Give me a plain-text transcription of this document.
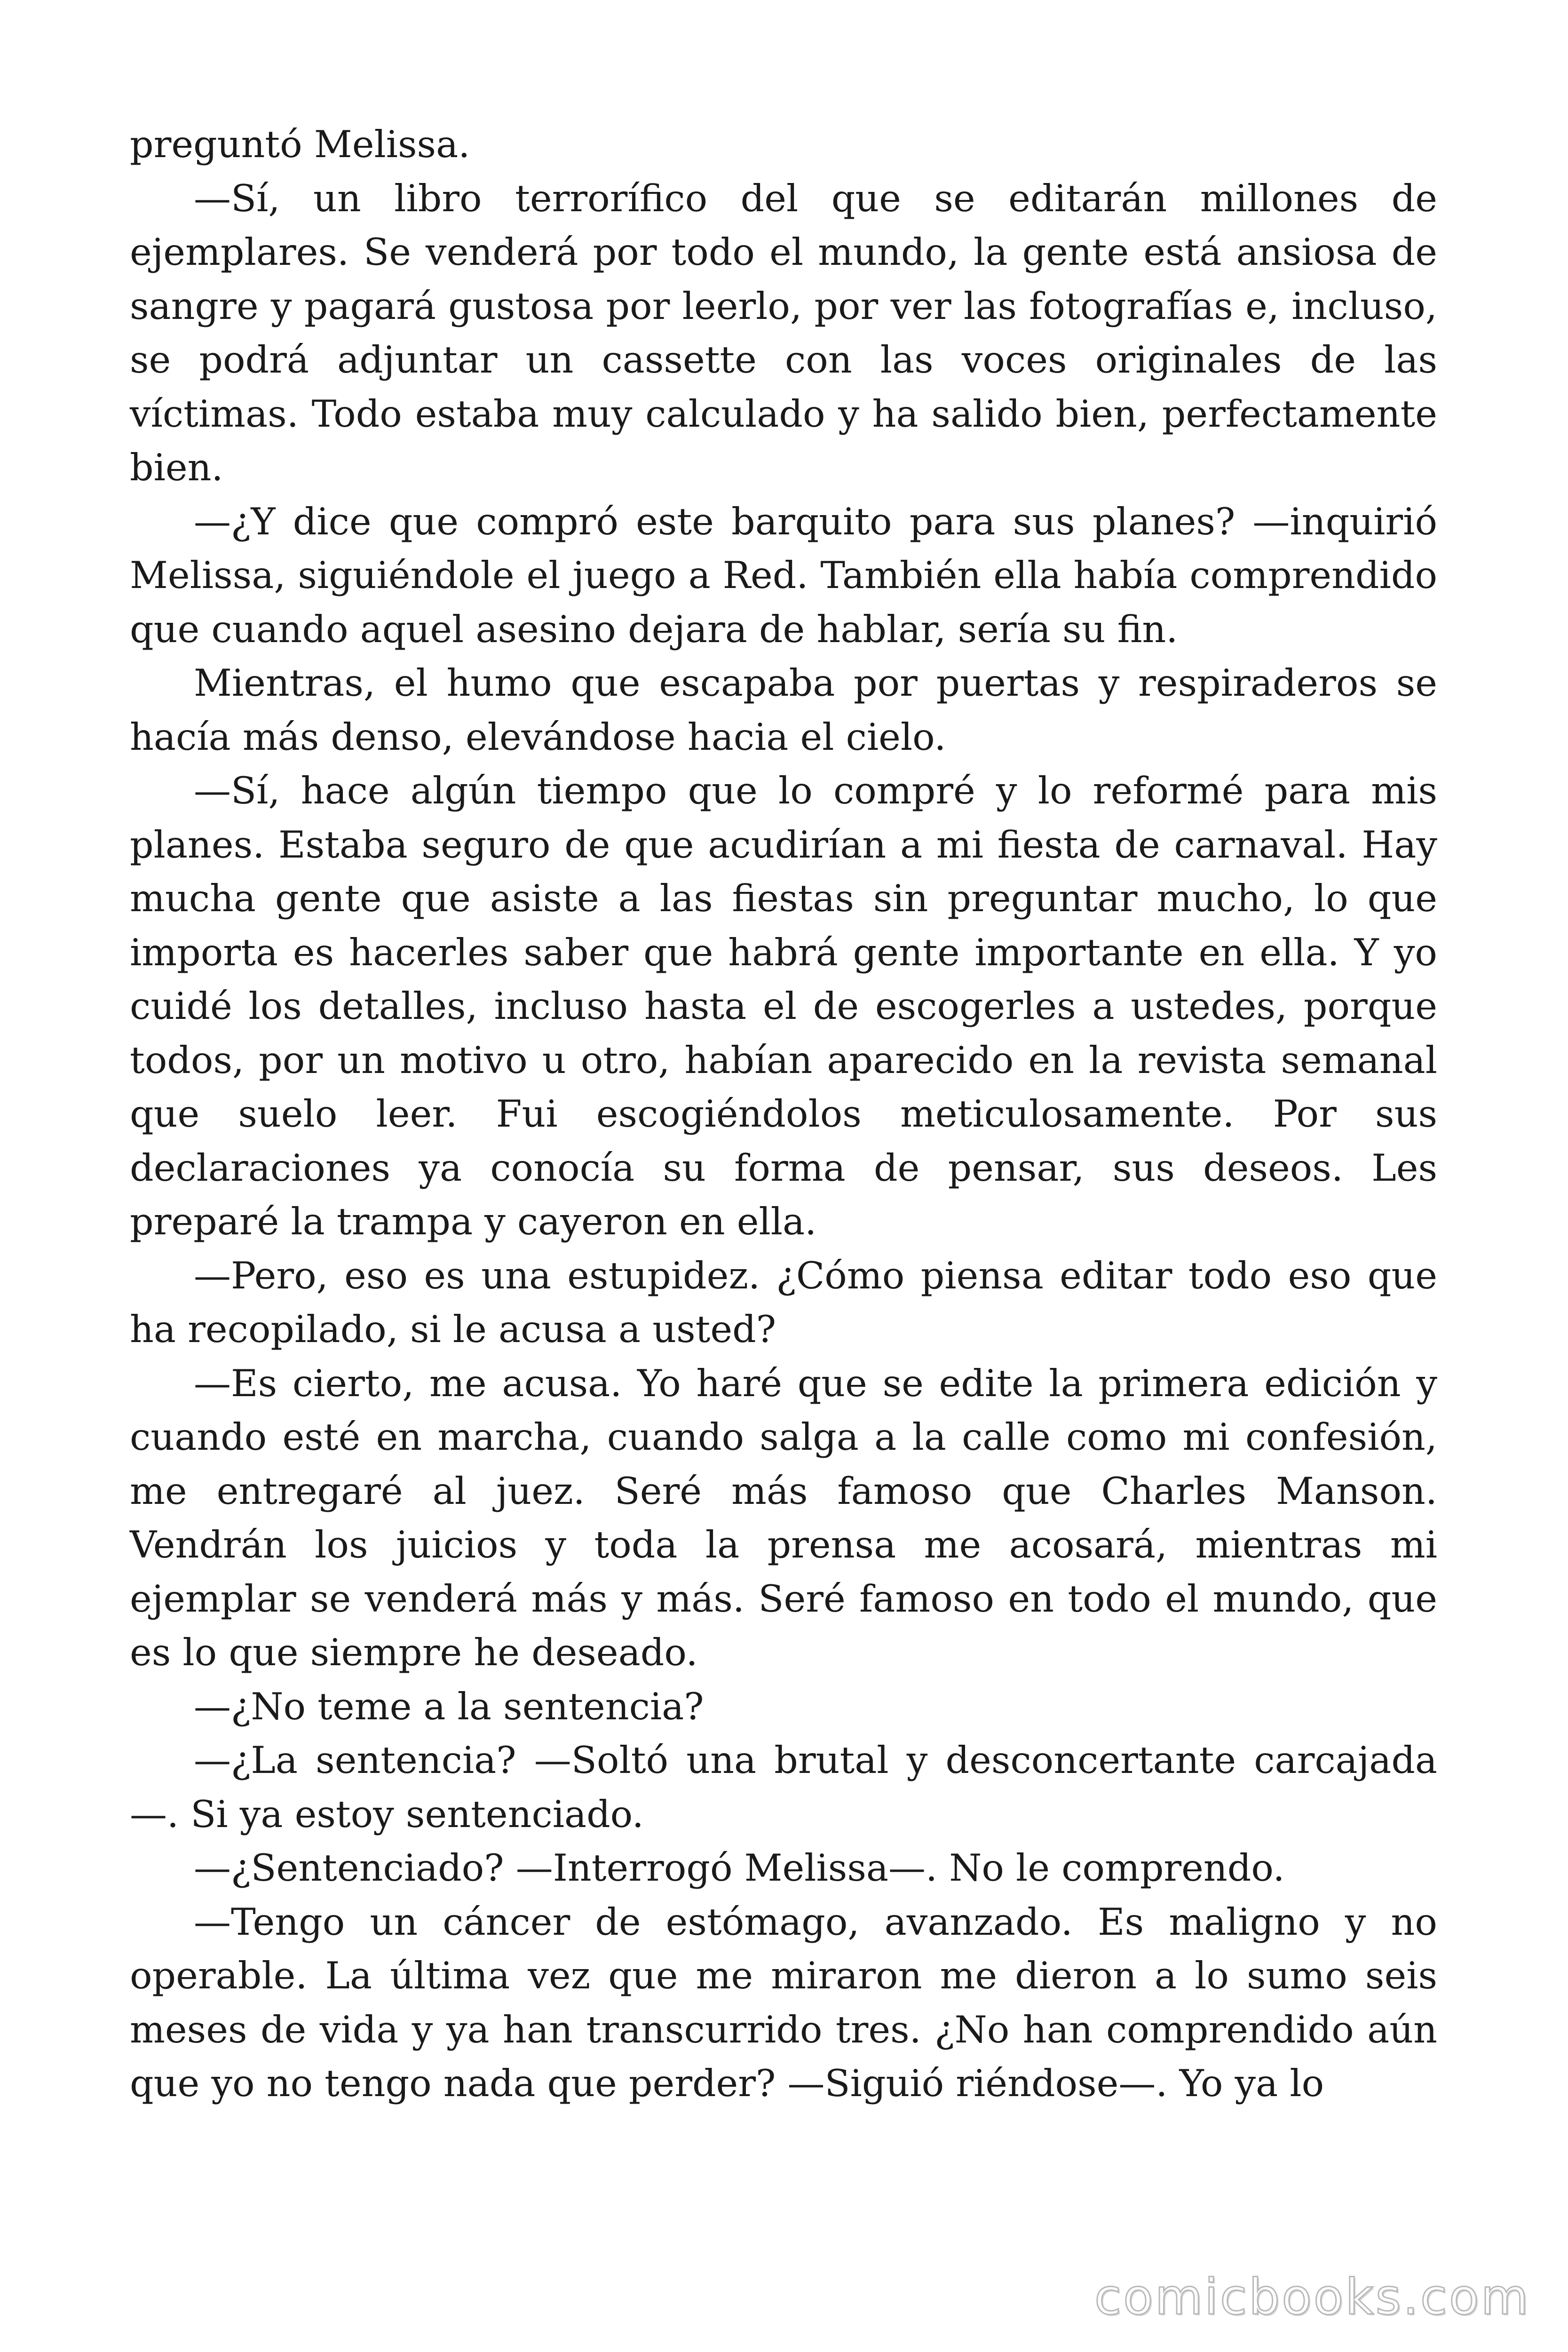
preguntó Melissa.

—Sí, un libro terrorífico del que se editarán millones de ejemplares. Se venderá por todo el mundo, la gente está ansiosa de sangre y pagará gustosa por leerlo, por ver las fotografías e, incluso, se podrá adjuntar un cassette con las voces originales de las víctimas. Todo estaba muy calculado y ha salido bien, perfectamente bien.

—¿Y dice que compró este barquito para sus planes? —inquirió Melissa, siguiéndole el juego a Red. También ella había comprendido que cuando aquel asesino dejara de hablar, sería su fin.

Mientras, el humo que escapaba por puertas y respiraderos se hacía más denso, elevándose hacia el cielo.

—Sí, hace algún tiempo que lo compré y lo reformé para mis planes. Estaba seguro de que acudirían a mi fiesta de carnaval. Hay mucha gente que asiste a las fiestas sin preguntar mucho, lo que importa es hacerles saber que habrá gente importante en ella. Y yo cuidé los detalles, incluso hasta el de escogerles a ustedes, porque todos, por un motivo u otro, habían aparecido en la revista semanal que suelo leer. Fui escogiéndolos meticulosamente. Por sus declaraciones ya conocía su forma de pensar, sus deseos. Les preparé la trampa y cayeron en ella.

—Pero, eso es una estupidez. ¿Cómo piensa editar todo eso que ha recopilado, si le acusa a usted?

—Es cierto, me acusa. Yo haré que se edite la primera edición y cuando esté en marcha, cuando salga a la calle como mi confesión, me entregaré al juez. Seré más famoso que Charles Manson. Vendrán los juicios y toda la prensa me acosará, mientras mi ejemplar se venderá más y más. Seré famoso en todo el mundo, que es lo que siempre he deseado.

—¿No teme a la sentencia?

—¿La sentencia? —Soltó una brutal y desconcertante carcajada —. Si ya estoy sentenciado.

—¿Sentenciado? —Interrogó Melissa—. No le comprendo.

—Tengo un cáncer de estómago, avanzado. Es maligno y no operable. La última vez que me miraron me dieron a lo sumo seis meses de vida y ya han transcurrido tres. ¿No han comprendido aún que yo no tengo nada que perder? —Siguió riéndose—. Yo ya lo

comicbooks.com
